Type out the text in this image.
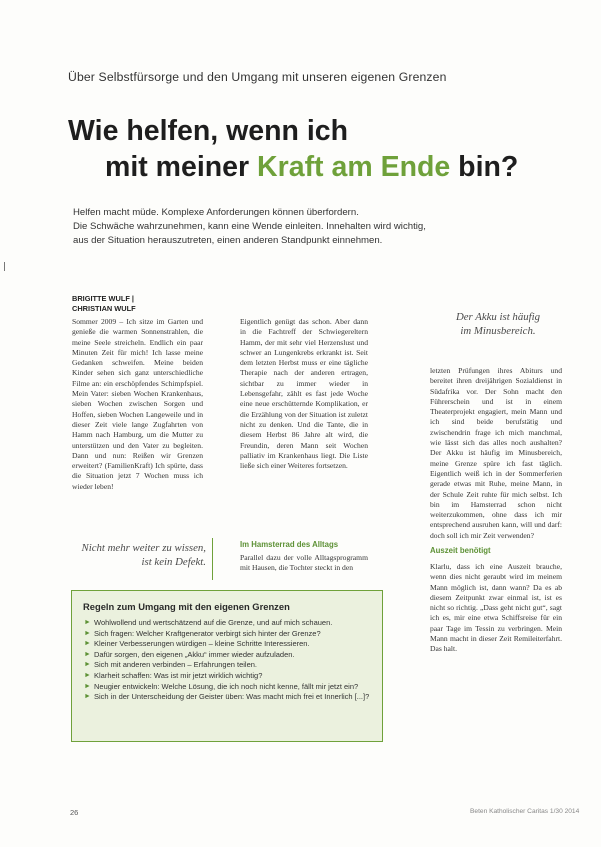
Über Selbstfürsorge und den Umgang mit unseren eigenen Grenzen
Wie helfen, wenn ich
mit meiner Kraft am Ende bin?
Helfen macht müde. Komplexe Anforderungen können überfordern.
Die Schwäche wahrzunehmen, kann eine Wende einleiten. Innehalten wird wichtig,
aus der Situation herauszutreten, einen anderen Standpunkt einnehmen.
BRIGITTE WULF |
CHRISTIAN WULF
Sommer 2009 – Ich sitze im Garten und genieße die warmen Sonnenstrahlen, die meine Seele streicheln. Endlich ein paar Minuten Zeit für mich! Ich lasse meine Gedanken schweifen. Meine beiden Kinder sehen sich ganz unterschiedliche Filme an: ein erschöpfendes Schimpfspiel. Mein Vater: sieben Wochen Krankenhaus, sieben Wochen zwischen Sorgen und Hoffen, sieben Wochen Langeweile und in dieser Zeit viele lange Zugfahrten von Hamm nach Hamburg, um die Mutter zu unterstützen und den Vater zu begleiten. Dann und nun: Reißen wir Grenzen erweitert? (FamilienKraft) Ich spürte, dass die Situation jetzt 7 Wochen muss ich wieder leben!
Eigentlich genügt das schon. Aber dann in die Fachtreff der Schwiegereltern Hamm, der mit sehr viel Herzenslust und schwer an Lungenkrebs erkrankt ist. Seit dem letzten Herbst muss er eine tägliche Therapie nach der anderen ertragen, sichtbar zu immer wieder in Lebensgefahr, zählt es fast jede Woche eine neue erschütternde Komplikation, er die Erzählung von der Situation ist zuletzt nicht zu denken. Und die Tante, die in diesem Herbst 86 Jahre alt wird, die Freundin, deren Mann seit Wochen palliativ im Krankenhaus liegt. Die Liste ließe sich einer Weiteres fortsetzen.
Der Akku ist häufig
im Minusbereich.
letzten Prüfungen ihres Abiturs und bereitet ihren dreijährigen Sozialdienst in Südafrika vor. Der Sohn macht den Führerschein und ist in einem Theaterprojekt engagiert, mein Mann und ich sind beide berufstätig und zwischendrin frage ich mich manchmal, wie lässt sich das alles noch aushalten? Der Akku ist häufig im Minusbereich, meine Grenze spüre ich fast täglich. Eigentlich weiß ich in der Sommerferien gerade etwas mit Ruhe, meine Mann, in der Schule Zeit ruhte für mich selbst. Ich bin im Hamsterrad schon nicht weiterzukommen, ohne dass ich mir entsprechend ausruhen kann, will und darf: doch soll ich mir Zeit verwenden?
Nicht mehr weiter zu wissen,
ist kein Defekt.
Im Hamsterrad des Alltags
Parallel dazu der volle Alltagsprogramm mit Hausen, die Tochter steckt in den
Auszeit benötigt
Klarlu, dass ich eine Auszeit brauche, wenn dies nicht geraubt wird im meinem Mann möglich ist, dann wann? Da es ab diesem Zeitpunkt zwar einmal ist, ist es nicht so richtig. „Dass geht nicht gut“, sagt ich es, mir eine etwa Schiffsreise für ein paar Tage im Tessin zu verbringen. Mein Mann macht in dieser Zeit Remileiterfahrt. Das halt.
Regeln zum Umgang mit den eigenen Grenzen
► Wohlwollend und wertschätzend auf die Grenze, und auf mich schauen.
► Sich fragen: Welcher Kraftgenerator verbirgt sich hinter der Grenze?
► Kleiner Verbesserungen würdigen – kleine Schritte Interessieren.
► Dafür sorgen, den eigenen „Akku“ immer wieder aufzuladen.
► Sich mit anderen verbinden – Erfahrungen teilen.
► Klarheit schaffen: Was ist mir jetzt wirklich wichtig?
► Neugier entwickeln: Welche Lösung, die ich noch nicht kenne, fällt mir jetzt ein?
► Sich in der Unterscheidung der Geister üben: Was macht mich frei et Innerlich [...]?
26	Beten Katholischer Caritas 1/30 2014
